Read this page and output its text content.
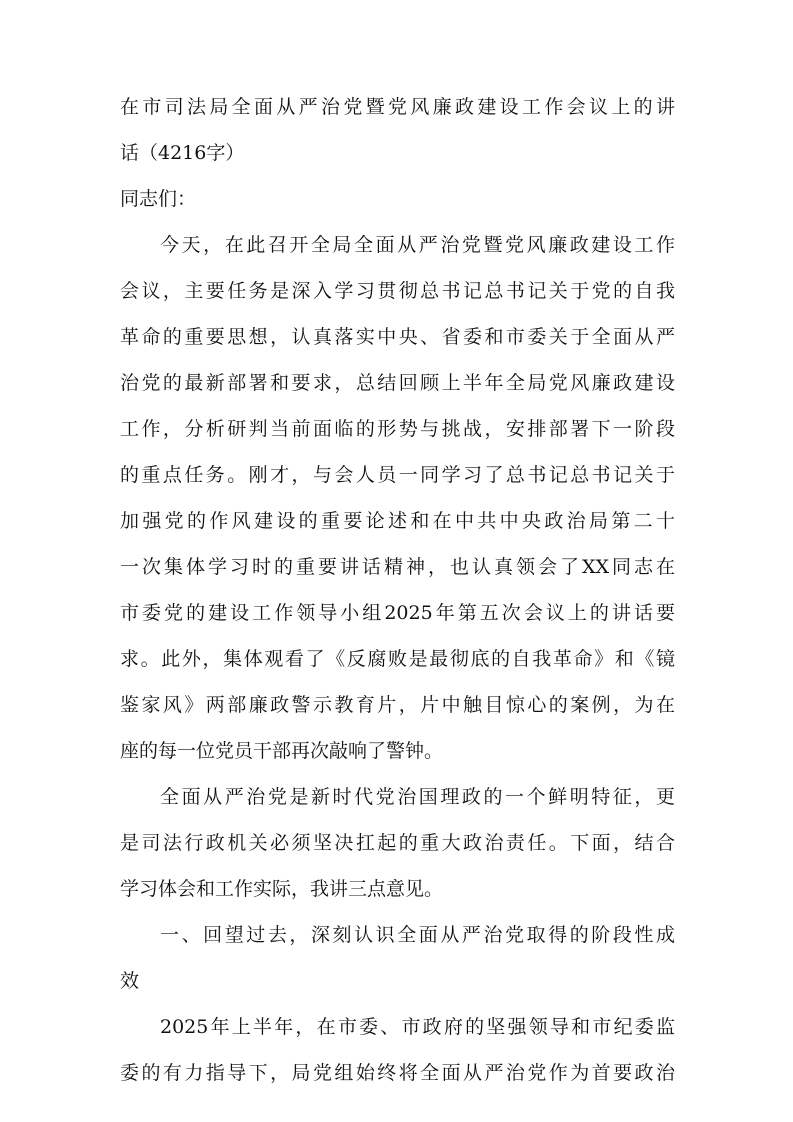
在市司法局全面从严治党暨党风廉政建设工作会议上的讲
话（4216字）
同志们：
今天，在此召开全局全面从严治党暨党风廉政建设工作
会议，主要任务是深入学习贯彻总书记总书记关于党的自我
革命的重要思想，认真落实中央、省委和市委关于全面从严
治党的最新部署和要求，总结回顾上半年全局党风廉政建设
工作，分析研判当前面临的形势与挑战，安排部署下一阶段
的重点任务。刚才，与会人员一同学习了总书记总书记关于
加强党的作风建设的重要论述和在中共中央政治局第二十
一次集体学习时的重要讲话精神，也认真领会了XX同志在
市委党的建设工作领导小组2025年第五次会议上的讲话要
求。此外，集体观看了《反腐败是最彻底的自我革命》和《镜
鉴家风》两部廉政警示教育片，片中触目惊心的案例，为在
座的每一位党员干部再次敲响了警钟。
全面从严治党是新时代党治国理政的一个鲜明特征，更
是司法行政机关必须坚决扛起的重大政治责任。下面，结合
学习体会和工作实际，我讲三点意见。
一、回望过去，深刻认识全面从严治党取得的阶段性成
效
2025年上半年，在市委、市政府的坚强领导和市纪委监
委的有力指导下，局党组始终将全面从严治党作为首要政治
